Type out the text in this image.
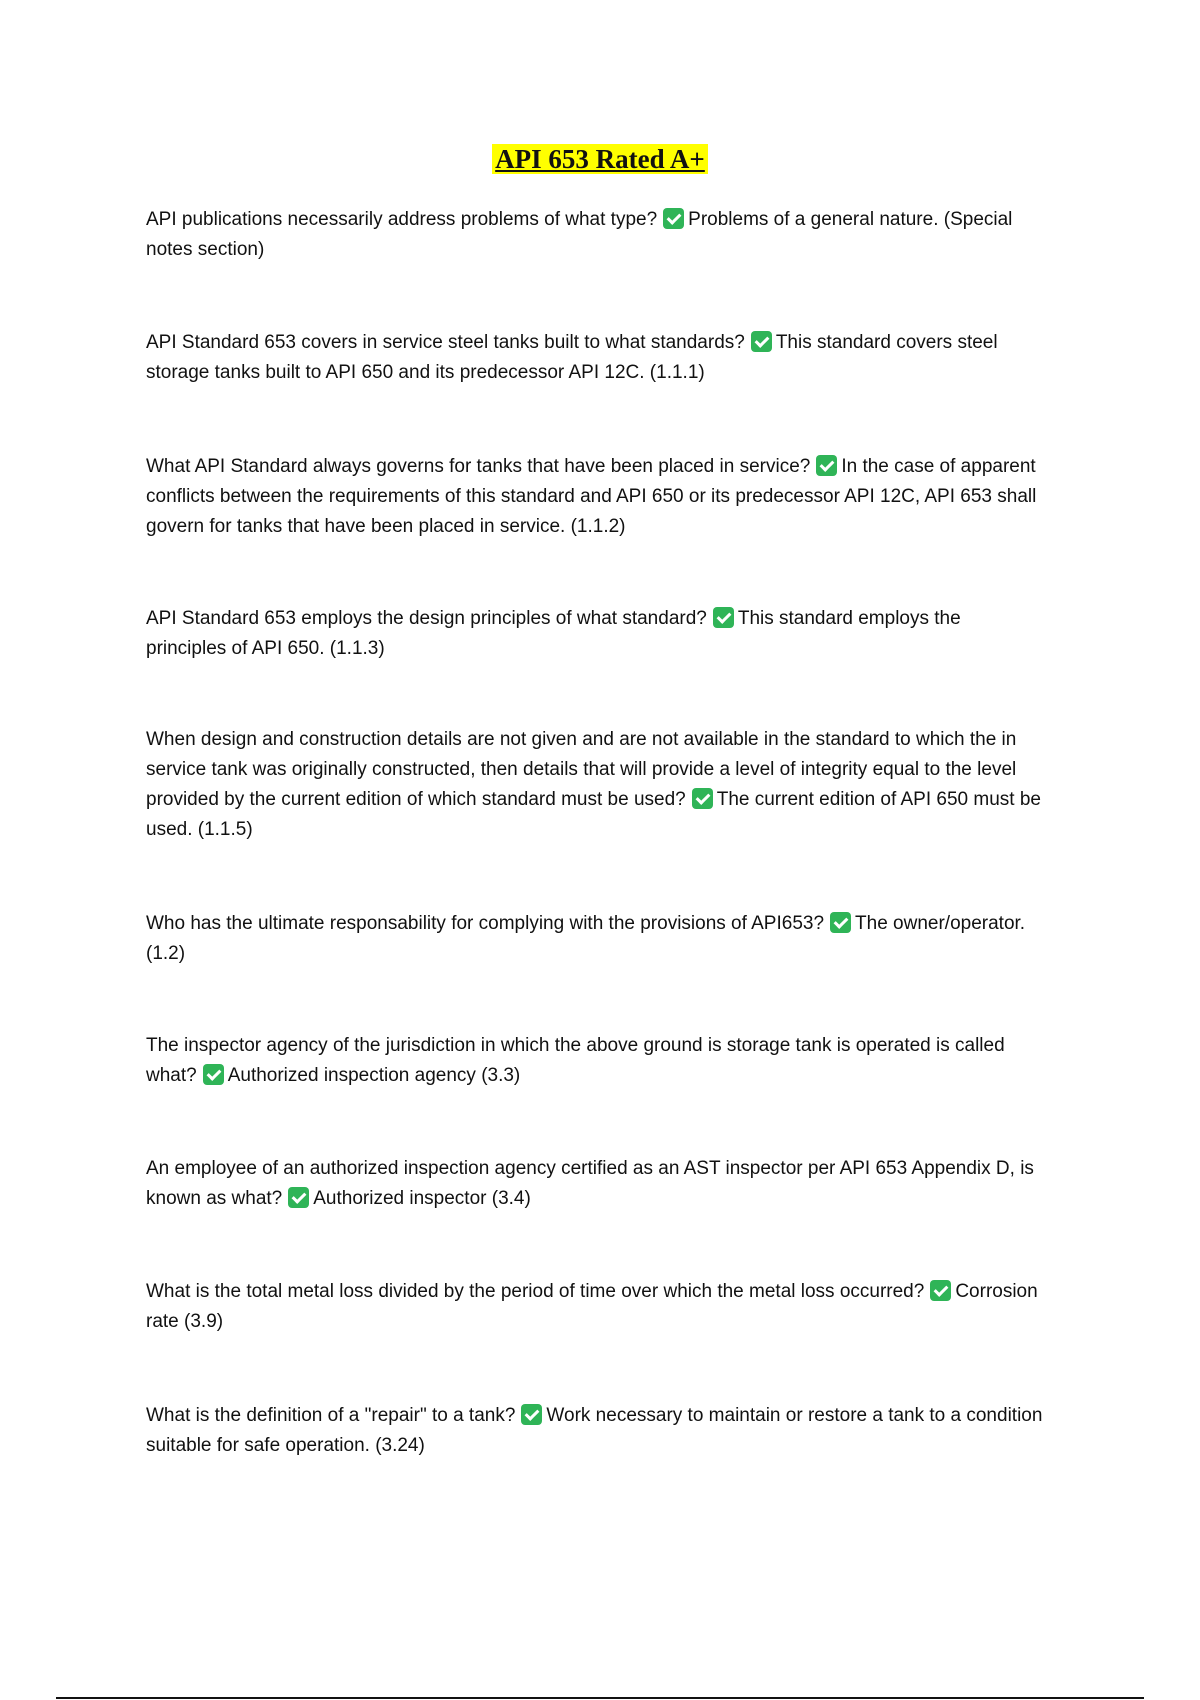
API 653 Rated A+

API publications necessarily address problems of what type? Problems of a general nature. (Special notes section)

API Standard 653 covers in service steel tanks built to what standards? This standard covers steel storage tanks built to API 650 and its predecessor API 12C. (1.1.1)

What API Standard always governs for tanks that have been placed in service? In the case of apparent conflicts between the requirements of this standard and API 650 or its predecessor API 12C, API 653 shall govern for tanks that have been placed in service. (1.1.2)

API Standard 653 employs the design principles of what standard? This standard employs the principles of API 650. (1.1.3)

When design and construction details are not given and are not available in the standard to which the in service tank was originally constructed, then details that will provide a level of integrity equal to the level provided by the current edition of which standard must be used? The current edition of API 650 must be used. (1.1.5)

Who has the ultimate responsability for complying with the provisions of API653? The owner/operator. (1.2)

The inspector agency of the jurisdiction in which the above ground is storage tank is operated is called what? Authorized inspection agency (3.3)

An employee of an authorized inspection agency certified as an AST inspector per API 653 Appendix D, is known as what? Authorized inspector (3.4)

What is the total metal loss divided by the period of time over which the metal loss occurred? Corrosion rate (3.9)

What is the definition of a "repair" to a tank? Work necessary to maintain or restore a tank to a condition suitable for safe operation. (3.24)
